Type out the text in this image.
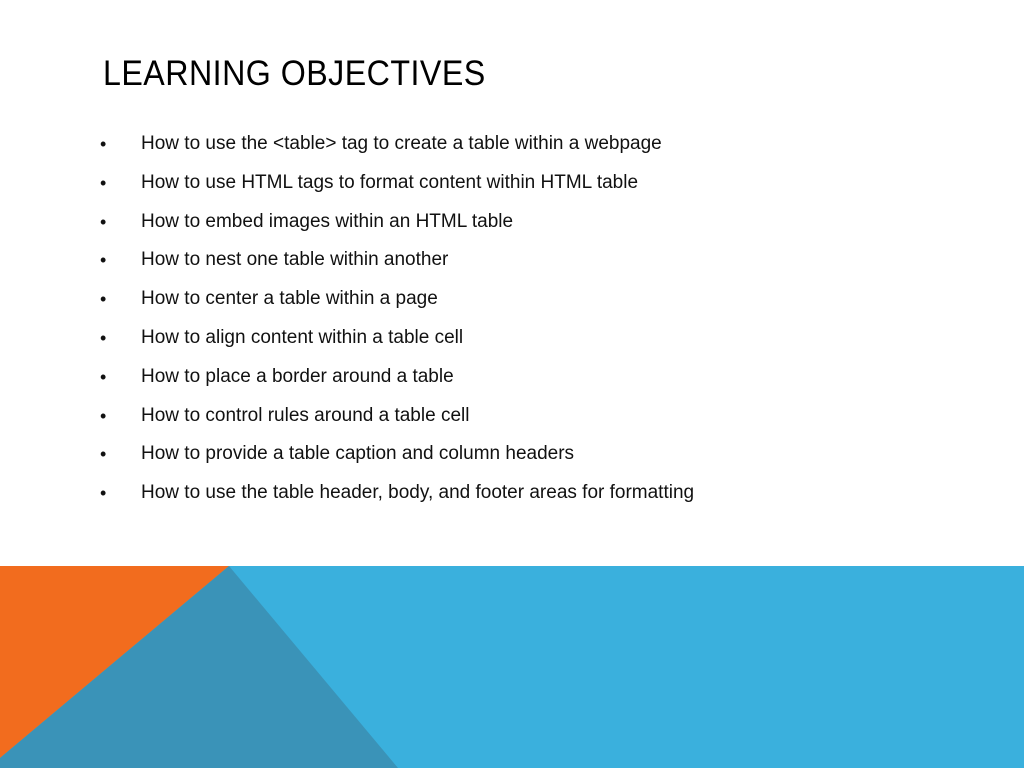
LEARNING OBJECTIVES
• How to use the <table> tag to create a table within a webpage
• How to use HTML tags to format content within HTML table
• How to embed images within an HTML table
• How to nest one table within another
• How to center a table within a page
• How to align content within a table cell
• How to place a border around a table
• How to control rules around a table cell
• How to provide a table caption and column headers
• How to use the table header, body, and footer areas for formatting
